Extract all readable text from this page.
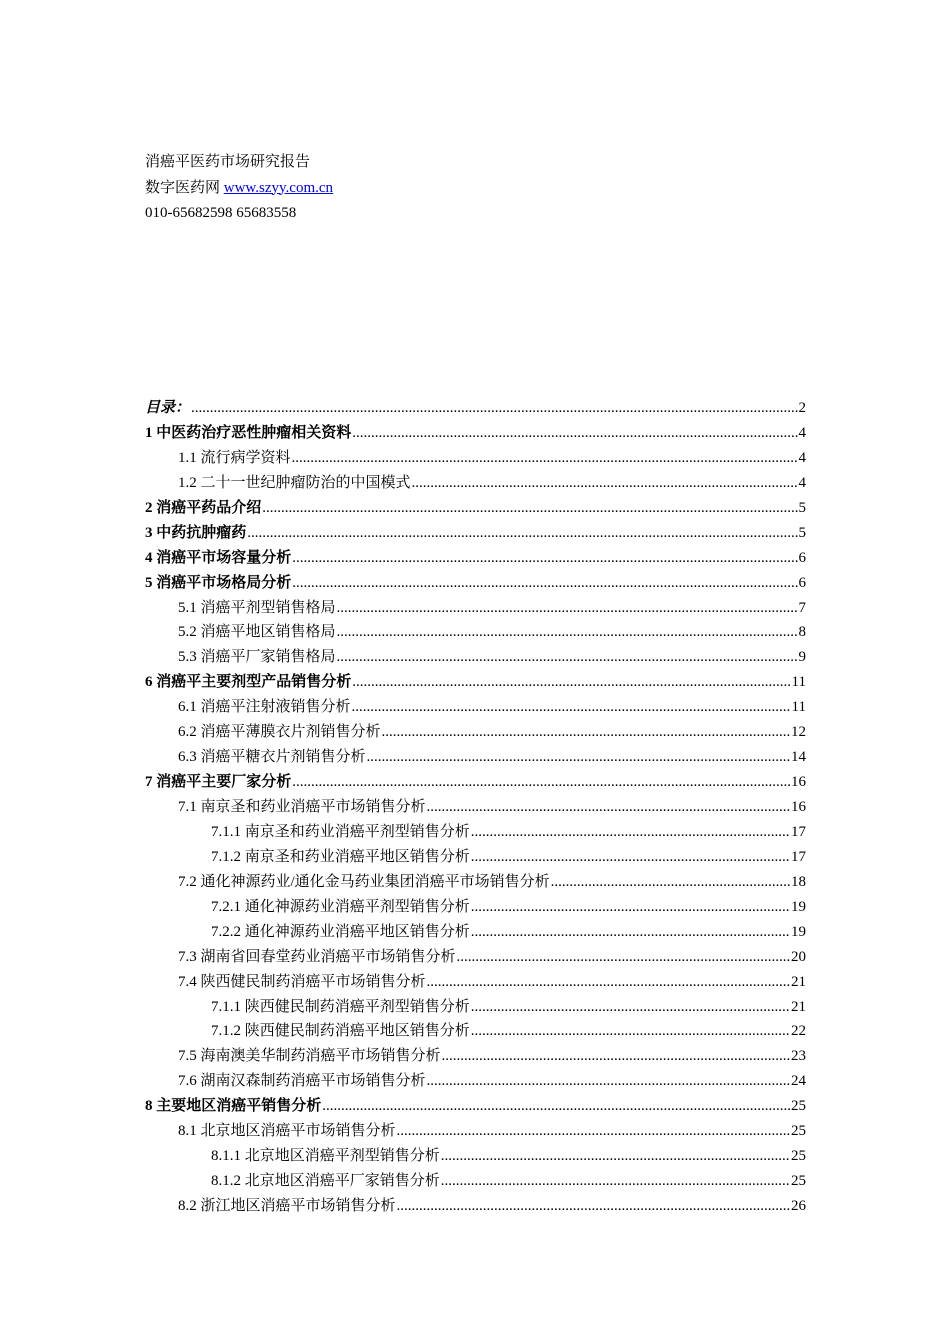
消癌平医药市场研究报告
数字医药网 www.szyy.com.cn
010-65682598 65683558
目录： .....	2
1 中医药治疗恶性肿瘤相关资料 .....	4
1.1 流行病学资料 .....	4
1.2 二十一世纪肿瘤防治的中国模式 .....	4
2 消癌平药品介绍 .....	5
3 中药抗肿瘤药 .....	5
4 消癌平市场容量分析 .....	6
5 消癌平市场格局分析 .....	6
5.1 消癌平剂型销售格局 .....	7
5.2 消癌平地区销售格局 .....	8
5.3 消癌平厂家销售格局 .....	9
6 消癌平主要剂型产品销售分析 .....	11
6.1 消癌平注射液销售分析 .....	11
6.2 消癌平薄膜衣片剂销售分析 .....	12
6.3 消癌平糖衣片剂销售分析 .....	14
7 消癌平主要厂家分析 .....	16
7.1 南京圣和药业消癌平市场销售分析 .....	16
7.1.1 南京圣和药业消癌平剂型销售分析 .....	17
7.1.2 南京圣和药业消癌平地区销售分析 .....	17
7.2 通化神源药业/通化金马药业集团消癌平市场销售分析 .....	18
7.2.1 通化神源药业消癌平剂型销售分析 .....	19
7.2.2 通化神源药业消癌平地区销售分析 .....	19
7.3 湖南省回春堂药业消癌平市场销售分析 .....	20
7.4 陕西健民制药消癌平市场销售分析 .....	21
7.1.1 陕西健民制药消癌平剂型销售分析 .....	21
7.1.2 陕西健民制药消癌平地区销售分析 .....	22
7.5 海南澳美华制药消癌平市场销售分析 .....	23
7.6 湖南汉森制药消癌平市场销售分析 .....	24
8 主要地区消癌平销售分析 .....	25
8.1 北京地区消癌平市场销售分析 .....	25
8.1.1 北京地区消癌平剂型销售分析 .....	25
8.1.2 北京地区消癌平厂家销售分析 .....	25
8.2 浙江地区消癌平市场销售分析 .....	26
